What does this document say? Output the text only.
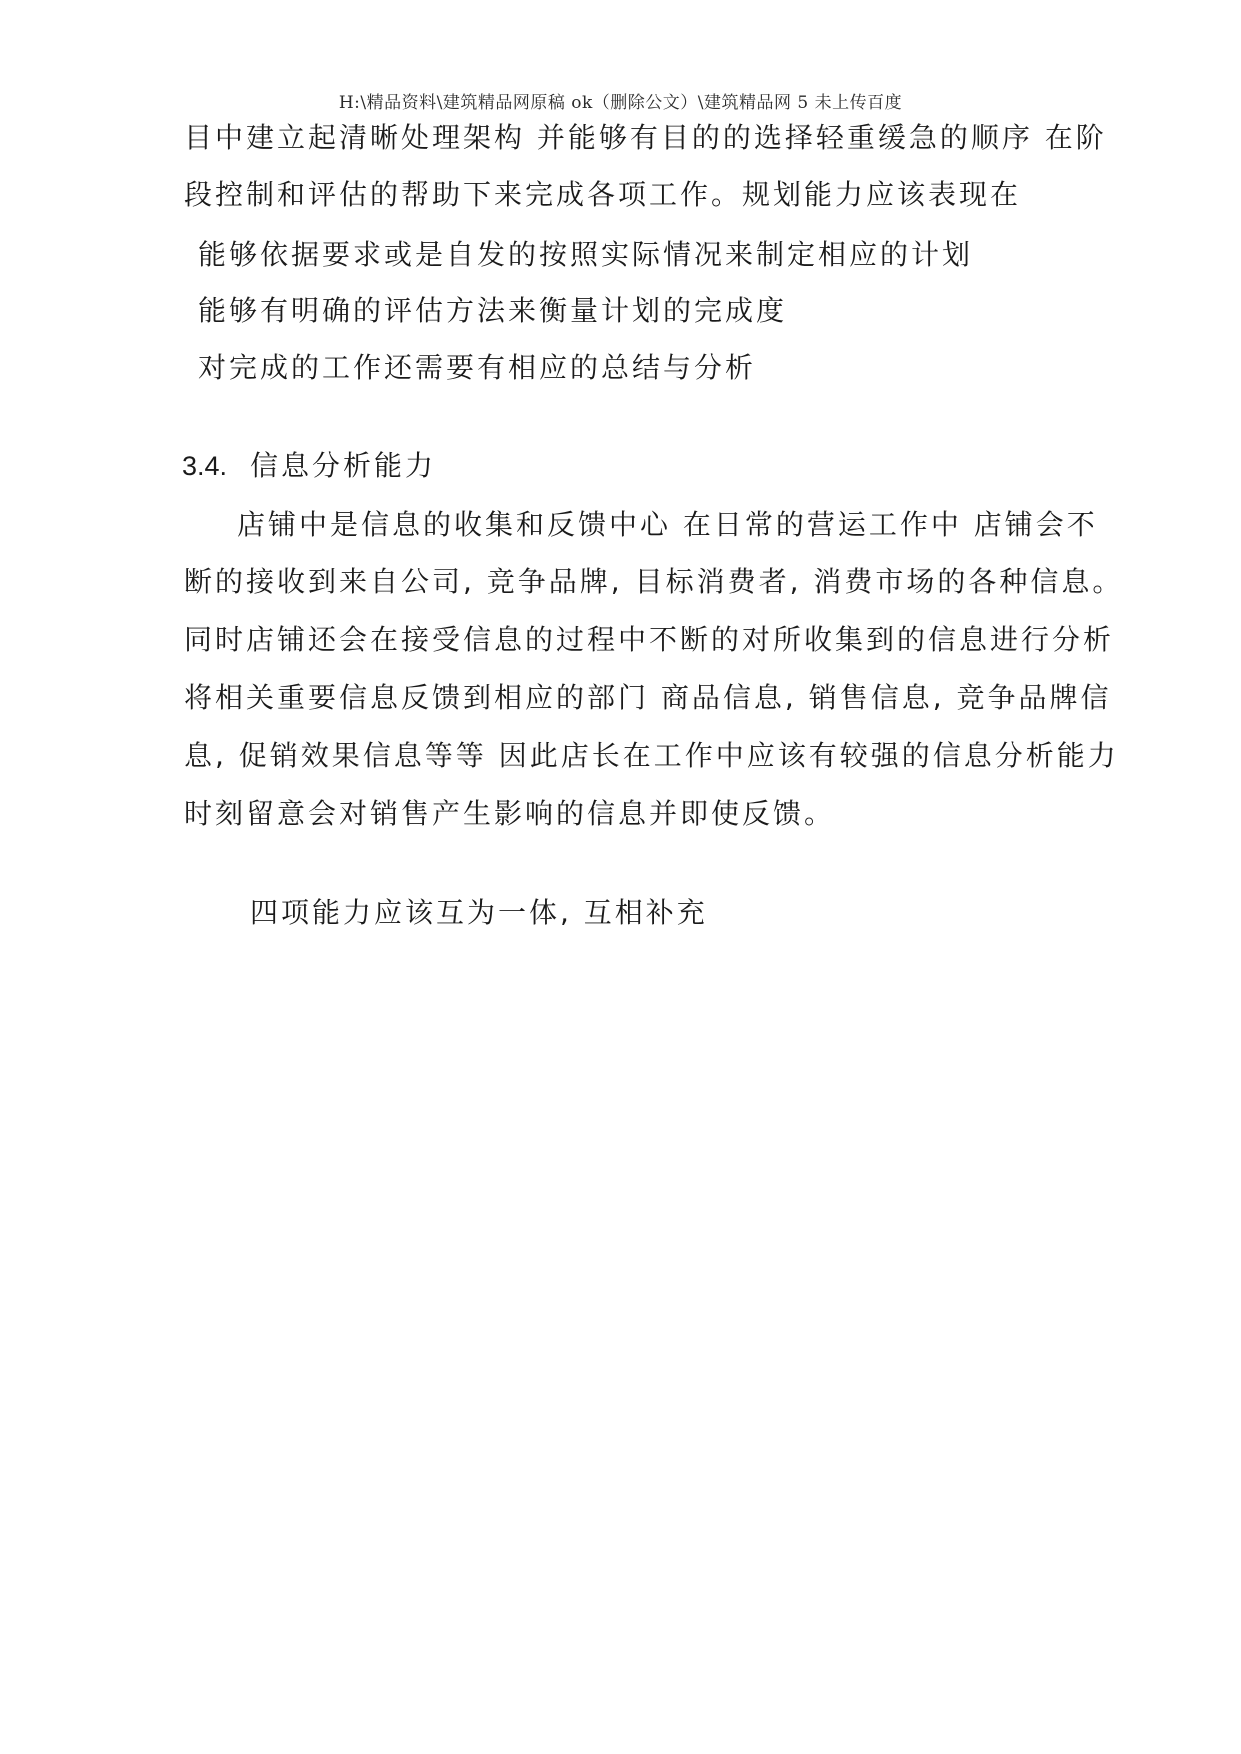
H:\精品资料\建筑精品网原稿 ok（删除公文）\建筑精品网 5 未上传百度
目中建立起清晰处理架构 并能够有目的的选择轻重缓急的顺序 在阶
段控制和评估的帮助下来完成各项工作。规划能力应该表现在
能够依据要求或是自发的按照实际情况来制定相应的计划
能够有明确的评估方法来衡量计划的完成度
对完成的工作还需要有相应的总结与分析
3.4. 信息分析能力
店铺中是信息的收集和反馈中心 在日常的营运工作中 店铺会不
断的接收到来自公司, 竞争品牌, 目标消费者, 消费市场的各种信息。
同时店铺还会在接受信息的过程中不断的对所收集到的信息进行分析
将相关重要信息反馈到相应的部门 商品信息, 销售信息, 竞争品牌信
息, 促销效果信息等等 因此店长在工作中应该有较强的信息分析能力
时刻留意会对销售产生影响的信息并即使反馈。
四项能力应该互为一体, 互相补充
